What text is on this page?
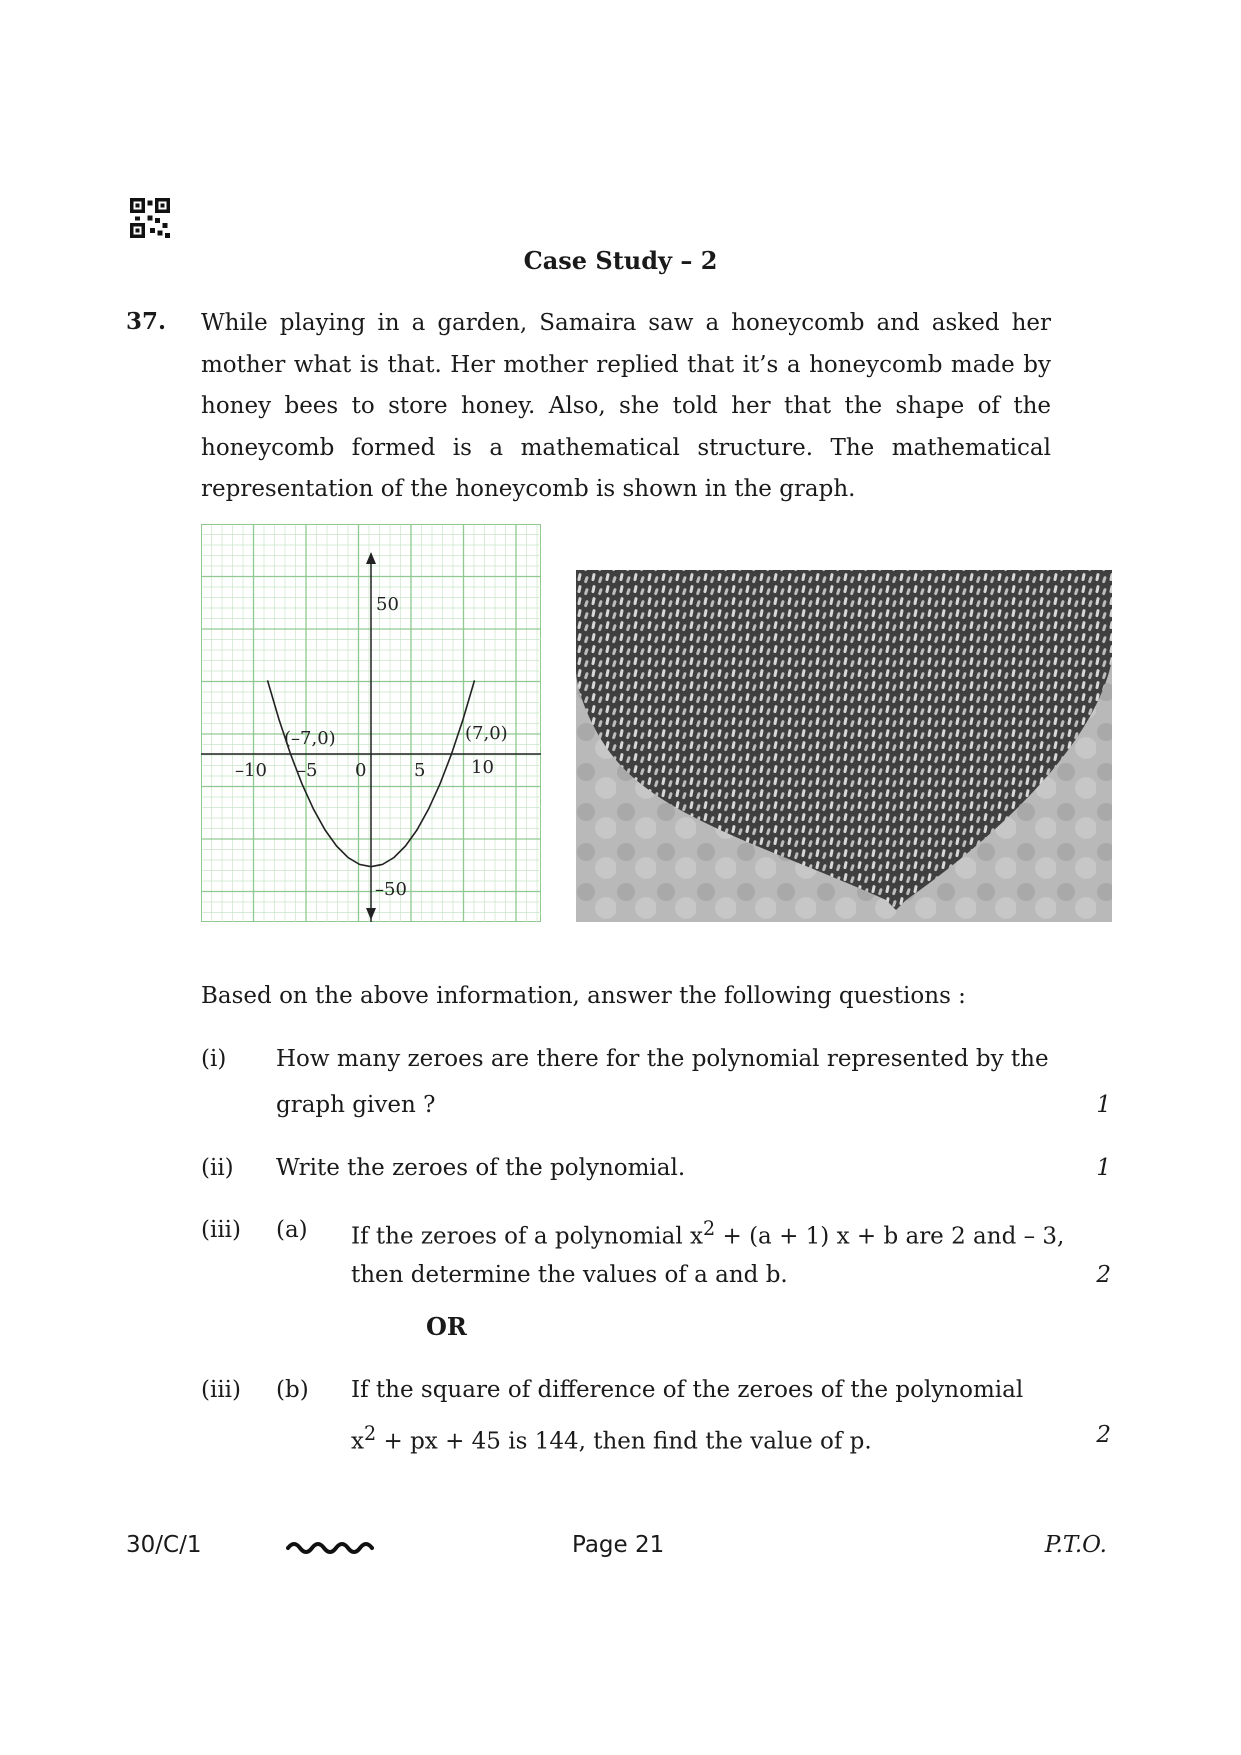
Case Study – 2
37. While playing in a garden, Samaira saw a honeycomb and asked her mother what is that. Her mother replied that it’s a honeycomb made by honey bees to store honey. Also, she told her that the shape of the honeycomb formed is a mathematical structure. The mathematical representation of the honeycomb is shown in the graph.
50
–50
–10 –5 0	5	10
(–7,0)	(7,0)
Based on the above information, answer the following questions :
(i) How many zeroes are there for the polynomial represented by the
graph given ?	1
(ii) Write the zeroes of the polynomial.	1
(iii) (a) If the zeroes of a polynomial $x^2 + (a + 1) x + b$ are 2 and – 3,
then determine the values of a and b.	2
OR
(iii) (b) If the square of difference of the zeroes of the polynomial
$x^2$ + px + 45 is 144, then find the value of p.	2
30/C/1	Page 21	P.T.O.
